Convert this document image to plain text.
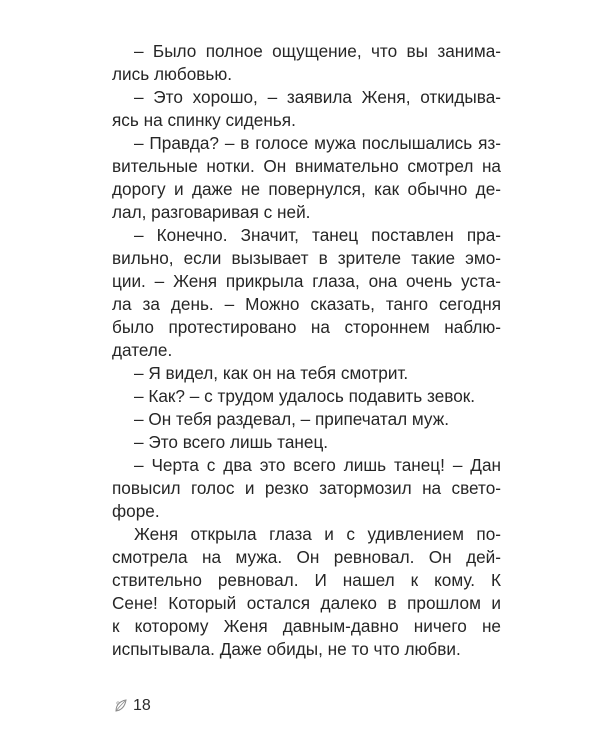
– Было полное ощущение, что вы занима-
лись любовью.
– Это хорошо, – заявила Женя, откидыва-
ясь на спинку сиденья.
– Правда? – в голосе мужа послышались яз-
вительные нотки. Он внимательно смотрел на
дорогу и даже не повернулся, как обычно де-
лал, разговаривая с ней.
– Конечно. Значит, танец поставлен пра-
вильно, если вызывает в зрителе такие эмо-
ции. – Женя прикрыла глаза, она очень уста-
ла за день. – Можно сказать, танго сегодня
было протестировано на стороннем наблю-
дателе.
– Я видел, как он на тебя смотрит.
– Как? – с трудом удалось подавить зевок.
– Он тебя раздевал, – припечатал муж.
– Это всего лишь танец.
– Черта с два это всего лишь танец! – Дан
повысил голос и резко затормозил на свето-
форе.
Женя открыла глаза и с удивлением по-
смотрела на мужа. Он ревновал. Он дей-
ствительно ревновал. И нашел к кому. К
Сене! Который остался далеко в прошлом и
к которому Женя давным-давно ничего не
испытывала. Даже обиды, не то что любви.
18
